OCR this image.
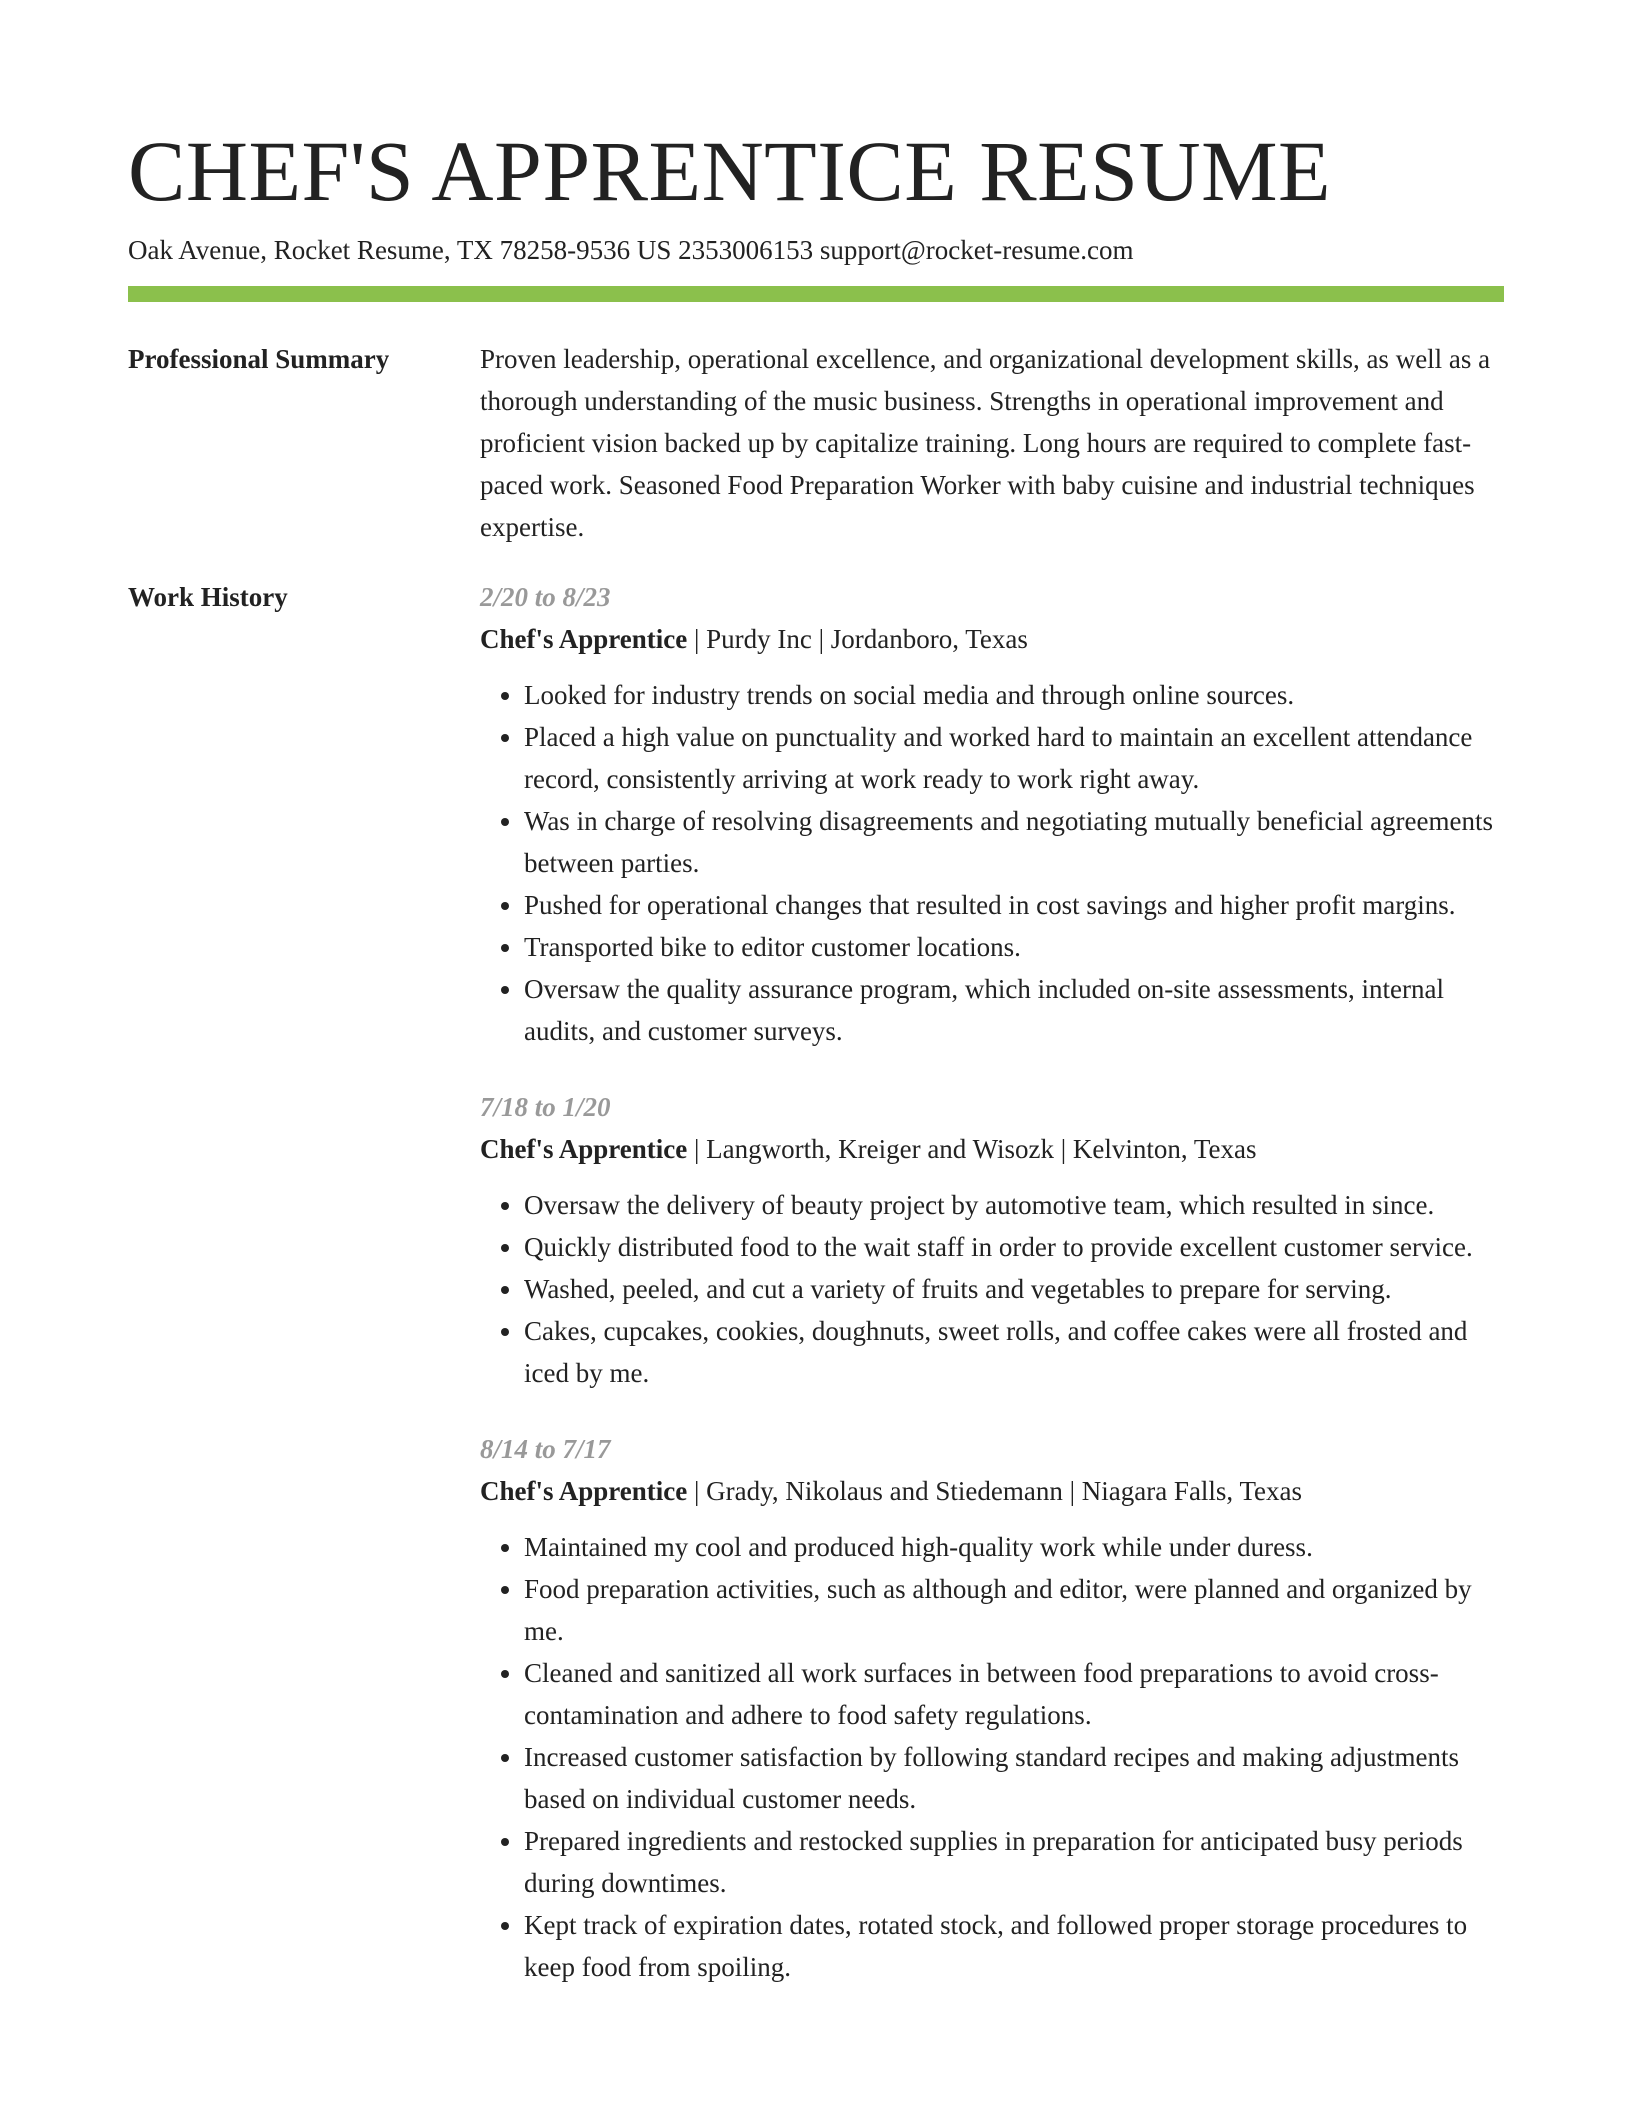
CHEF'S APPRENTICE RESUME
Oak Avenue, Rocket Resume, TX 78258-9536 US 2353006153 support@rocket-resume.com
Professional Summary	Proven leadership, operational excellence, and organizational development skills, as well as a thorough understanding of the music business. Strengths in operational improvement and proficient vision backed up by capitalize training. Long hours are required to complete fast-paced work. Seasoned Food Preparation Worker with baby cuisine and industrial techniques expertise.

Work History	2/20 to 8/23
Chef's Apprentice | Purdy Inc | Jordanboro, Texas
• Looked for industry trends on social media and through online sources.
• Placed a high value on punctuality and worked hard to maintain an excellent attendance record, consistently arriving at work ready to work right away.
• Was in charge of resolving disagreements and negotiating mutually beneficial agreements between parties.
• Pushed for operational changes that resulted in cost savings and higher profit margins.
• Transported bike to editor customer locations.
• Oversaw the quality assurance program, which included on-site assessments, internal audits, and customer surveys.
7/18 to 1/20
Chef's Apprentice | Langworth, Kreiger and Wisozk | Kelvinton, Texas
• Oversaw the delivery of beauty project by automotive team, which resulted in since.
• Quickly distributed food to the wait staff in order to provide excellent customer service.
• Washed, peeled, and cut a variety of fruits and vegetables to prepare for serving.
• Cakes, cupcakes, cookies, doughnuts, sweet rolls, and coffee cakes were all frosted and iced by me.
8/14 to 7/17
Chef's Apprentice | Grady, Nikolaus and Stiedemann | Niagara Falls, Texas
• Maintained my cool and produced high-quality work while under duress.
• Food preparation activities, such as although and editor, were planned and organized by me.
• Cleaned and sanitized all work surfaces in between food preparations to avoid cross-contamination and adhere to food safety regulations.
• Increased customer satisfaction by following standard recipes and making adjustments based on individual customer needs.
• Prepared ingredients and restocked supplies in preparation for anticipated busy periods during downtimes.
• Kept track of expiration dates, rotated stock, and followed proper storage procedures to keep food from spoiling.
